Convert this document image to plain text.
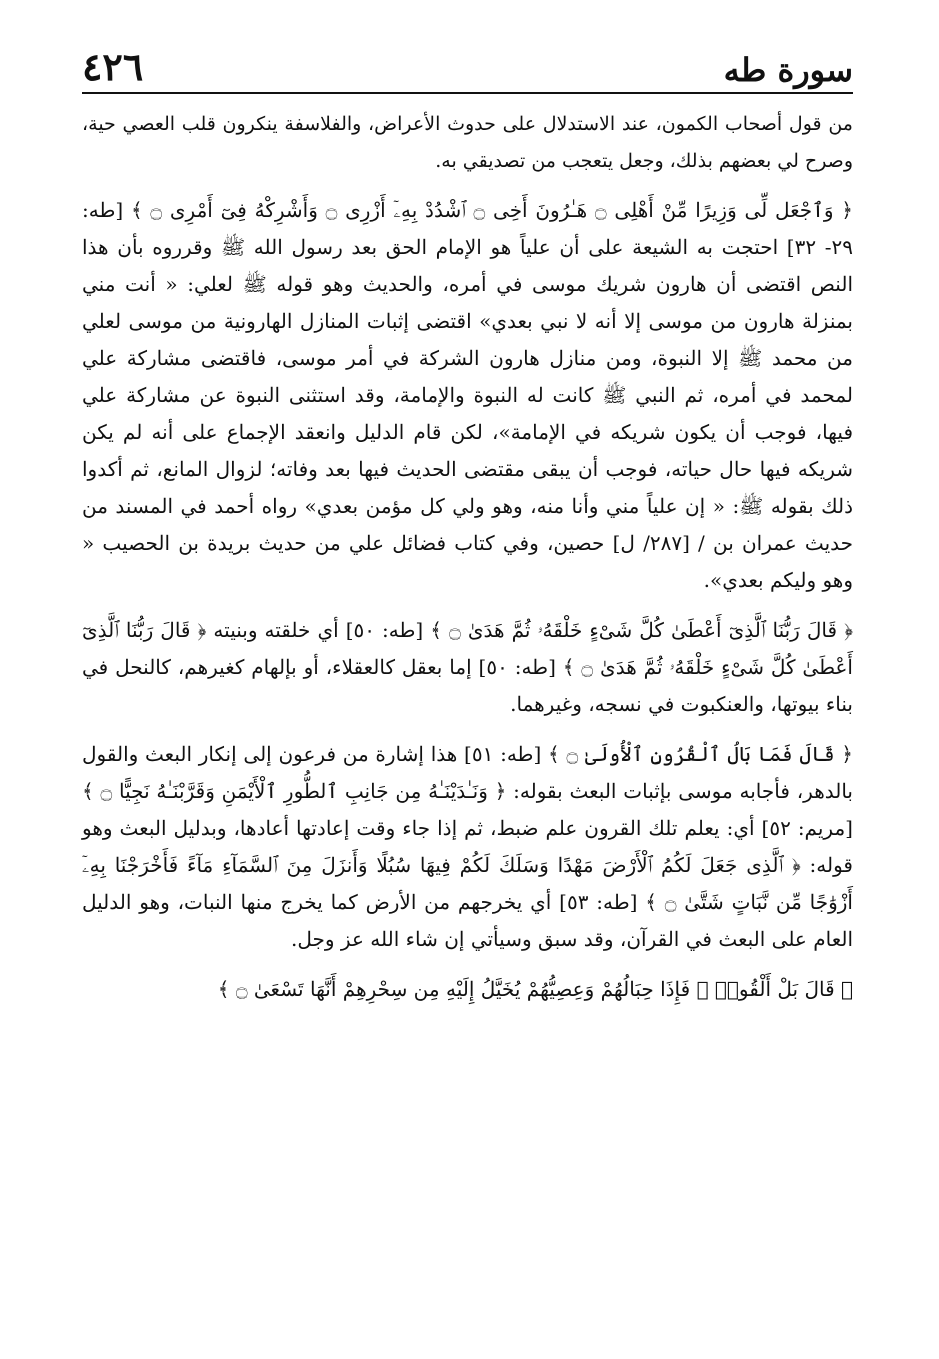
سورة طه
٤٢٦

من قول أصحاب الكمون، عند الاستدلال على حدوث الأعراض، والفلاسفة ينكرون قلب العصي حية، وصرح لي بعضهم بذلك، وجعل يتعجب من تصديقي به.

﴿ وَٱجْعَل لِّى وَزِيرًا مِّنْ أَهْلِى ۝ هَـٰرُونَ أَخِى ۝ ٱشْدُدْ بِهِۦٓ أَزْرِى ۝ وَأَشْرِكْهُ فِىٓ أَمْرِى ۝ ﴾ [طه: ٢٩- ٣٢] احتجت به الشيعة على أن علياً هو الإمام الحق بعد رسول الله ﷺ وقرروه بأن هذا النص اقتضى أن هارون شريك موسى في أمره، والحديث وهو قوله ﷺ لعلي: « أنت مني بمنزلة هارون من موسى إلا أنه لا نبي بعدي» اقتضى إثبات المنازل الهارونية من موسى لعلي من محمد ﷺ إلا النبوة، ومن منازل هارون الشركة في أمر موسى، فاقتضى مشاركة علي لمحمد في أمره، ثم النبي ﷺ كانت له النبوة والإمامة، وقد استثنى النبوة عن مشاركة علي فيها، فوجب أن يكون شريكه في الإمامة»، لكن قام الدليل وانعقد الإجماع على أنه لم يكن شريكه فيها حال حياته، فوجب أن يبقى مقتضى الحديث فيها بعد وفاته؛ لزوال المانع، ثم أكدوا ذلك بقوله ﷺ: « إن علياً مني وأنا منه، وهو ولي كل مؤمن بعدي» رواه أحمد في المسند من حديث عمران بن / [٢٨٧/ ل] حصين، وفي كتاب فضائل علي من حديث بريدة بن الحصيب « وهو وليكم بعدي».

﴿ قَالَ رَبُّنَا ٱلَّذِىٓ أَعْطَىٰ كُلَّ شَىْءٍ خَلْقَهُۥ ثُمَّ هَدَىٰ ۝ ﴾ [طه: ٥٠] أي خلقته وبنيته ﴿ قَالَ رَبُّنَا ٱلَّذِىٓ أَعْطَىٰ كُلَّ شَىْءٍ خَلْقَهُۥ ثُمَّ هَدَىٰ ۝ ﴾ [طه: ٥٠] إما بعقل كالعقلاء، أو بإلهام كغيرهم، كالنحل في بناء بيوتها، والعنكبوت في نسجه، وغيرهما.

﴿ قَالَ فَمَا بَالُ ٱلْقُرُونِ ٱلْأُولَىٰ ۝ ﴾ [طه: ٥١] هذا إشارة من فرعون إلى إنكار البعث والقول بالدهر، فأجابه موسى بإثبات البعث بقوله: ﴿ وَنَـٰدَيْنَـٰهُ مِن جَانِبِ ٱلطُّورِ ٱلْأَيْمَنِ وَقَرَّبْنَـٰهُ نَجِيًّا ۝ ﴾ [مريم: ٥٢] أي: يعلم تلك القرون علم ضبط، ثم إذا جاء وقت إعادتها أعادها، وبدليل البعث وهو قوله: ﴿ ٱلَّذِى جَعَلَ لَكُمُ ٱلْأَرْضَ مَهْدًا وَسَلَكَ لَكُمْ فِيهَا سُبُلًا وَأَنزَلَ مِنَ ٱلسَّمَآءِ مَآءً فَأَخْرَجْنَا بِهِۦٓ أَزْوَٰجًا مِّن نَّبَاتٍ شَتَّىٰ ۝ ﴾ [طه: ٥٣] أي يخرجهم من الأرض كما يخرج منها النبات، وهو الدليل العام على البعث في القرآن، وقد سبق وسيأتي إن شاء الله عز وجل.

﴿ قَالَ بَلْ أَلْقُوا۟ ۖ فَإِذَا حِبَالُهُمْ وَعِصِيُّهُمْ يُخَيَّلُ إِلَيْهِ مِن سِحْرِهِمْ أَنَّهَا تَسْعَىٰ ۝ ﴾
